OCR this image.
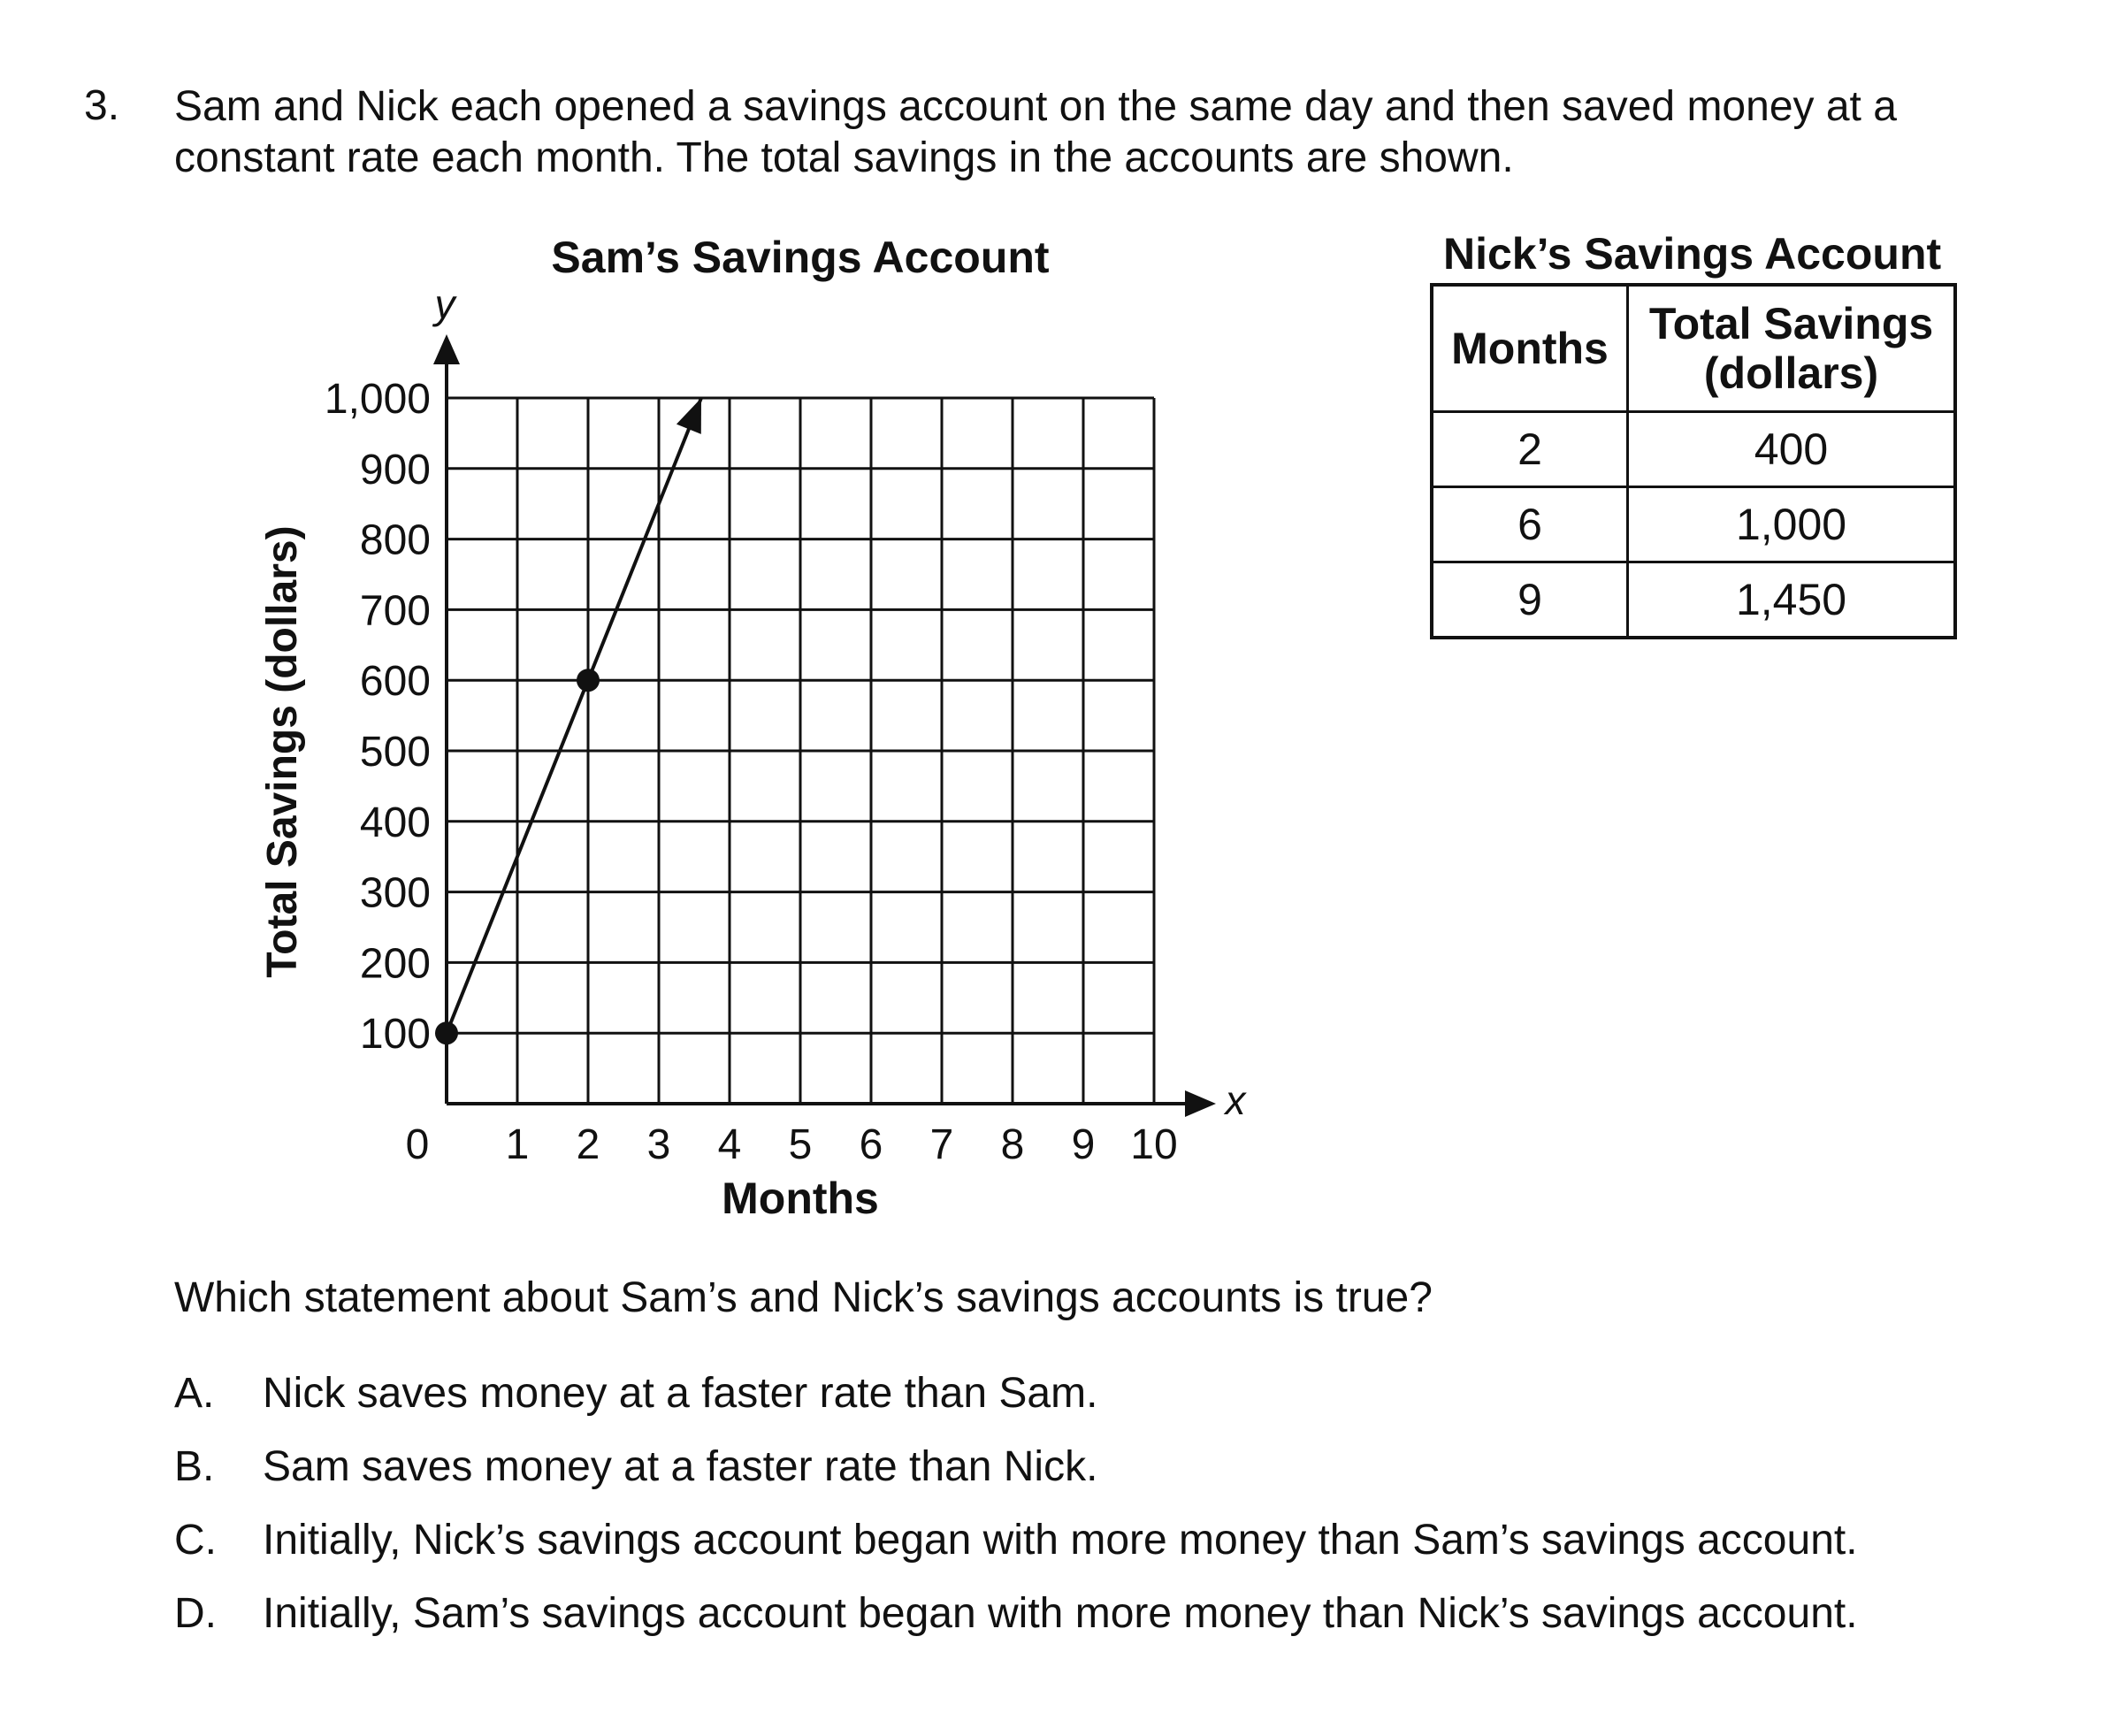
3. Sam and Nick each opened a savings account on the same day and then saved money at a constant rate each month. The total savings in the accounts are shown.
y
x
0 1 2 3 4 5 6 7 8 9 10
100
200
300
400
500
600
700
800
900
1,000
Sam’s Savings Account
Months
Total Savings (dollars)
Nick’s Savings Account
Months	Total Savings
(dollars)
2	400
6	1,000
9	1,450
Which statement about Sam’s and Nick’s savings accounts is true?
A. Nick saves money at a faster rate than Sam.
B. Sam saves money at a faster rate than Nick.
C. Initially, Nick’s savings account began with more money than Sam’s savings account.
D. Initially, Sam’s savings account began with more money than Nick’s savings account.
